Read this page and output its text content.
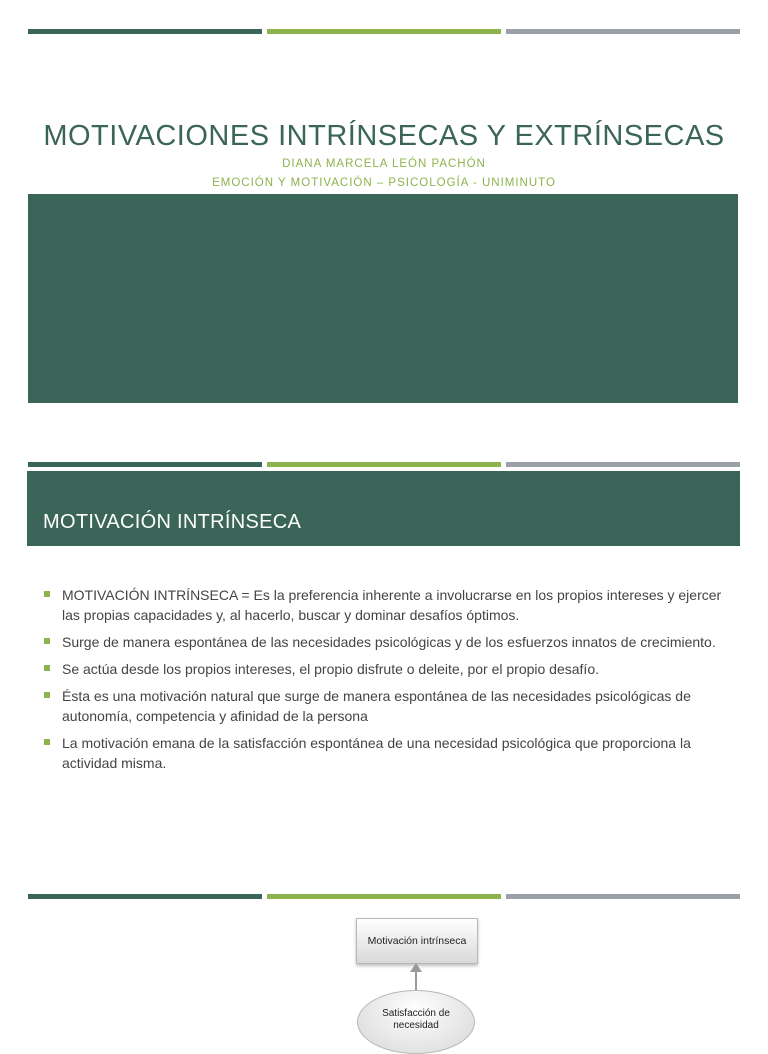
MOTIVACIONES INTRÍNSECAS Y EXTRÍNSECAS
DIANA MARCELA LEÓN PACHÓN
EMOCIÓN Y MOTIVACIÓN – PSICOLOGÍA - UNIMINUTO
MOTIVACIÓN INTRÍNSECA
MOTIVACIÓN INTRÍNSECA = Es la preferencia inherente a involucrarse en los propios intereses y ejercer las propias capacidades y, al hacerlo, buscar y dominar desafíos óptimos.
Surge de manera espontánea de las necesidades psicológicas y de los esfuerzos innatos de crecimiento.
Se actúa desde los propios intereses, el propio disfrute o deleite, por el propio desafío.
Ésta es una motivación natural que surge de manera espontánea de las necesidades psicológicas de autonomía, competencia y afinidad de la persona
La motivación emana de la satisfacción espontánea de una necesidad psicológica que proporciona la actividad misma.
Motivación intrínseca
Satisfacción de necesidad
